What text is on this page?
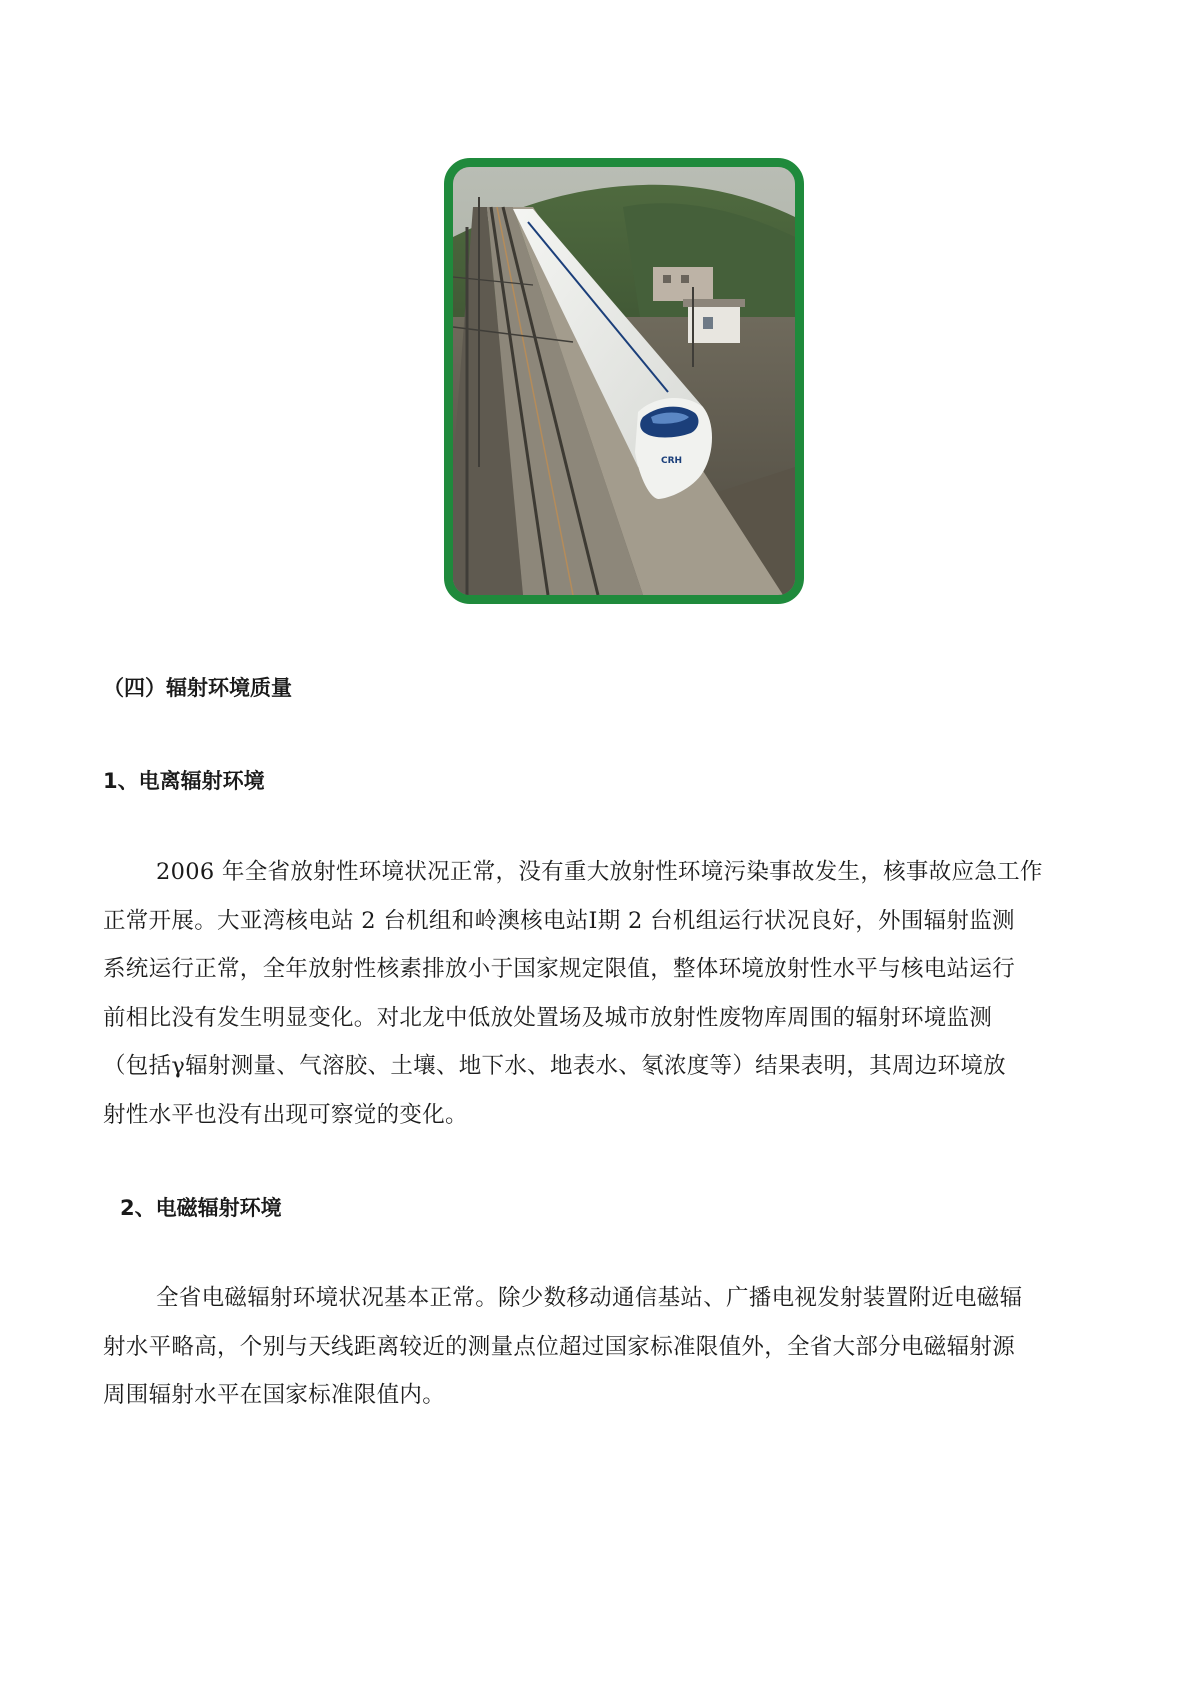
CRH
（四）辐射环境质量
1、电离辐射环境

2006 年全省放射性环境状况正常，没有重大放射性环境污染事故发生，核事故应急工作
正常开展。大亚湾核电站 2 台机组和岭澳核电站Ⅰ期 2 台机组运行状况良好，外围辐射监测
系统运行正常，全年放射性核素排放小于国家规定限值，整体环境放射性水平与核电站运行
前相比没有发生明显变化。对北龙中低放处置场及城市放射性废物库周围的辐射环境监测
（包括γ辐射测量、气溶胶、土壤、地下水、地表水、氡浓度等）结果表明，其周边环境放
射性水平也没有出现可察觉的变化。

2、电磁辐射环境

全省电磁辐射环境状况基本正常。除少数移动通信基站、广播电视发射装置附近电磁辐
射水平略高，个别与天线距离较近的测量点位超过国家标准限值外，全省大部分电磁辐射源
周围辐射水平在国家标准限值内。
